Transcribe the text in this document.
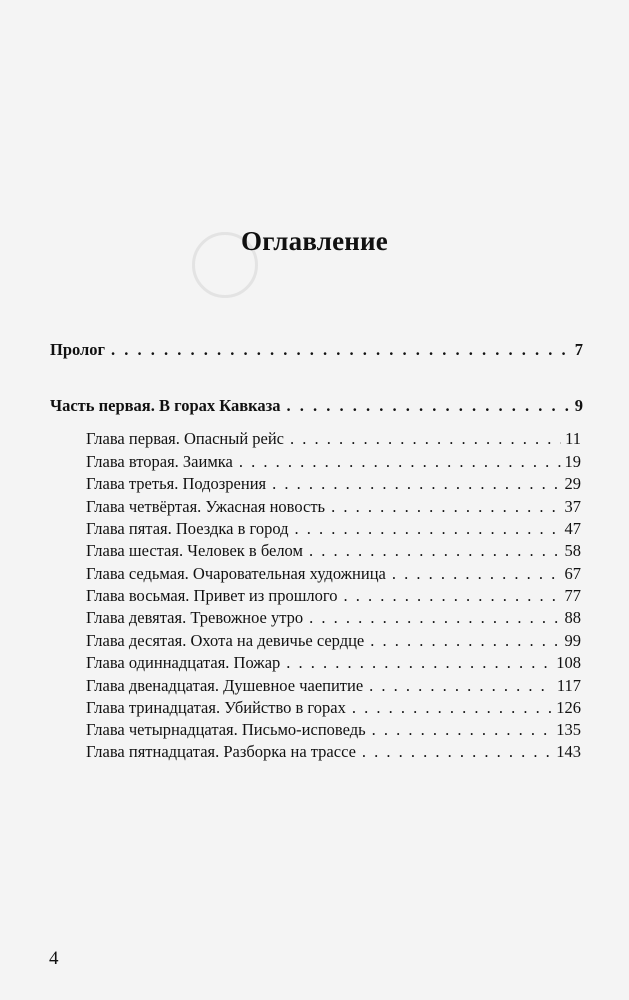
Оглавление
Пролог . . .	7
Часть первая. В горах Кавказа . . .	9
Глава первая. Опасный рейс . . .	11
Глава вторая. Заимка . . .	19
Глава третья. Подозрения . . .	29
Глава четвёртая. Ужасная новость . . .	37
Глава пятая. Поездка в город . . .	47
Глава шестая. Человек в белом . . .	58
Глава седьмая. Очаровательная художница . . .	67
Глава восьмая. Привет из прошлого . . .	77
Глава девятая. Тревожное утро . . .	88
Глава десятая. Охота на девичье сердце . . .	99
Глава одиннадцатая. Пожар . . .	108
Глава двенадцатая. Душевное чаепитие . . .	117
Глава тринадцатая. Убийство в горах . . .	126
Глава четырнадцатая. Письмо-исповедь . . .	135
Глава пятнадцатая. Разборка на трассе . . .	143
4
